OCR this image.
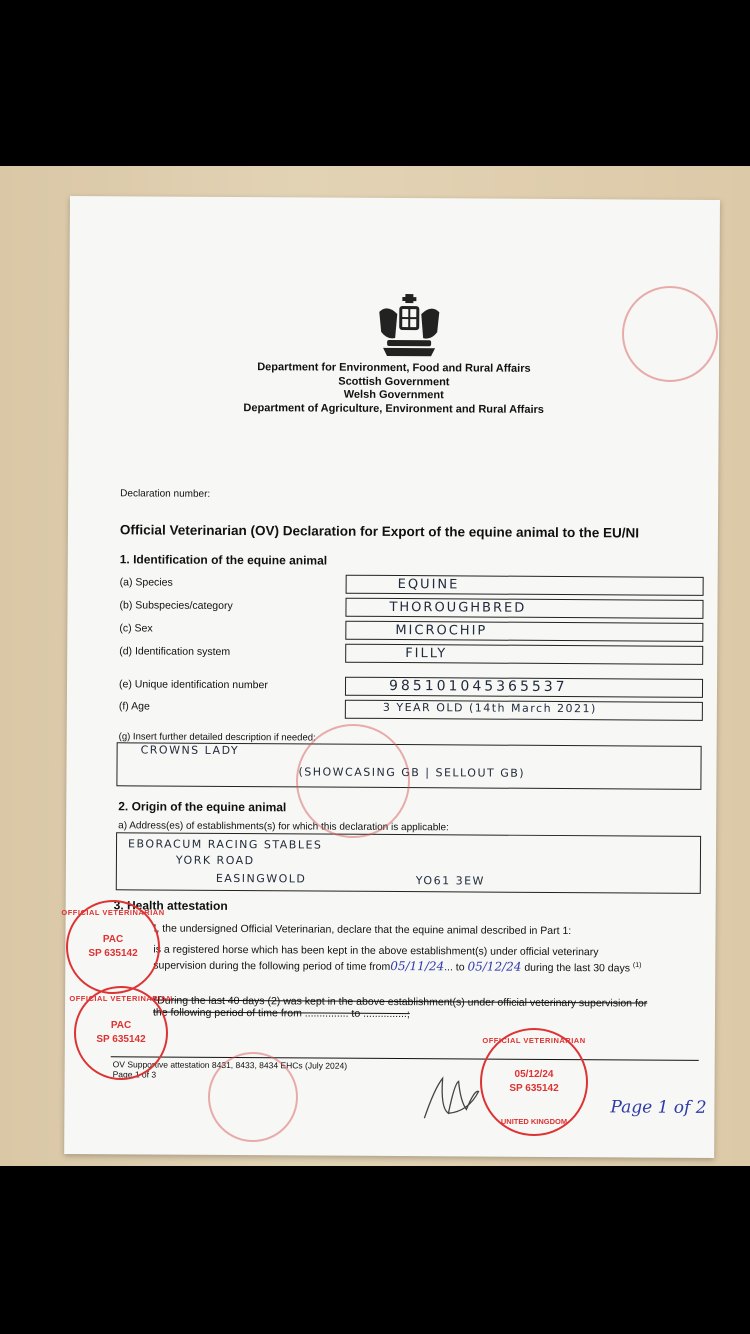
Department for Environment, Food and Rural Affairs
Scottish Government
Welsh Government
Department of Agriculture, Environment and Rural Affairs
Declaration number:
Official Veterinarian (OV) Declaration for Export of the equine animal to the EU/NI
1. Identification of the equine animal
(a) Species	EQUINE
(b) Subspecies/category	THOROUGHBRED
(c) Sex	MICROCHIP
(d) Identification system	FILLY
(e) Unique identification number	985101045365537
(f) Age	3 YEAR OLD (14th March 2021)
(g) Insert further detailed description if needed:
CROWNS LADY
(SHOWCASING GB | SELLOUT GB)
2. Origin of the equine animal
a) Address(es) of establishments(s) for which this declaration is applicable:
EBORACUM RACING STABLES
YORK ROAD
EASINGWOLD	YO61 3EW
3. Health attestation
I, the undersigned Official Veterinarian, declare that the equine animal described in Part 1:
is a registered horse which has been kept in the above establishment(s) under official veterinary
supervision during the following period of time from05/11/24... to 05/12/24 during the last 30 days $^{(1)}$
*During the last 40 days (2) was kept in the above establishment(s) under official veterinary supervision for
the following period of time from ............... to ...............;
OV Supportive attestation 8431, 8433, 8434 EHCs (July 2024)
Page 1 of 3
Page 1 of 2
OFFICIAL VETERINARIAN
PAC
SP 635142
OFFICIAL VETERINARIAN
PAC
SP 635142	OFFICIAL VETERINARIAN
05/12/24
SP 635142
UNITED KINGDOM
